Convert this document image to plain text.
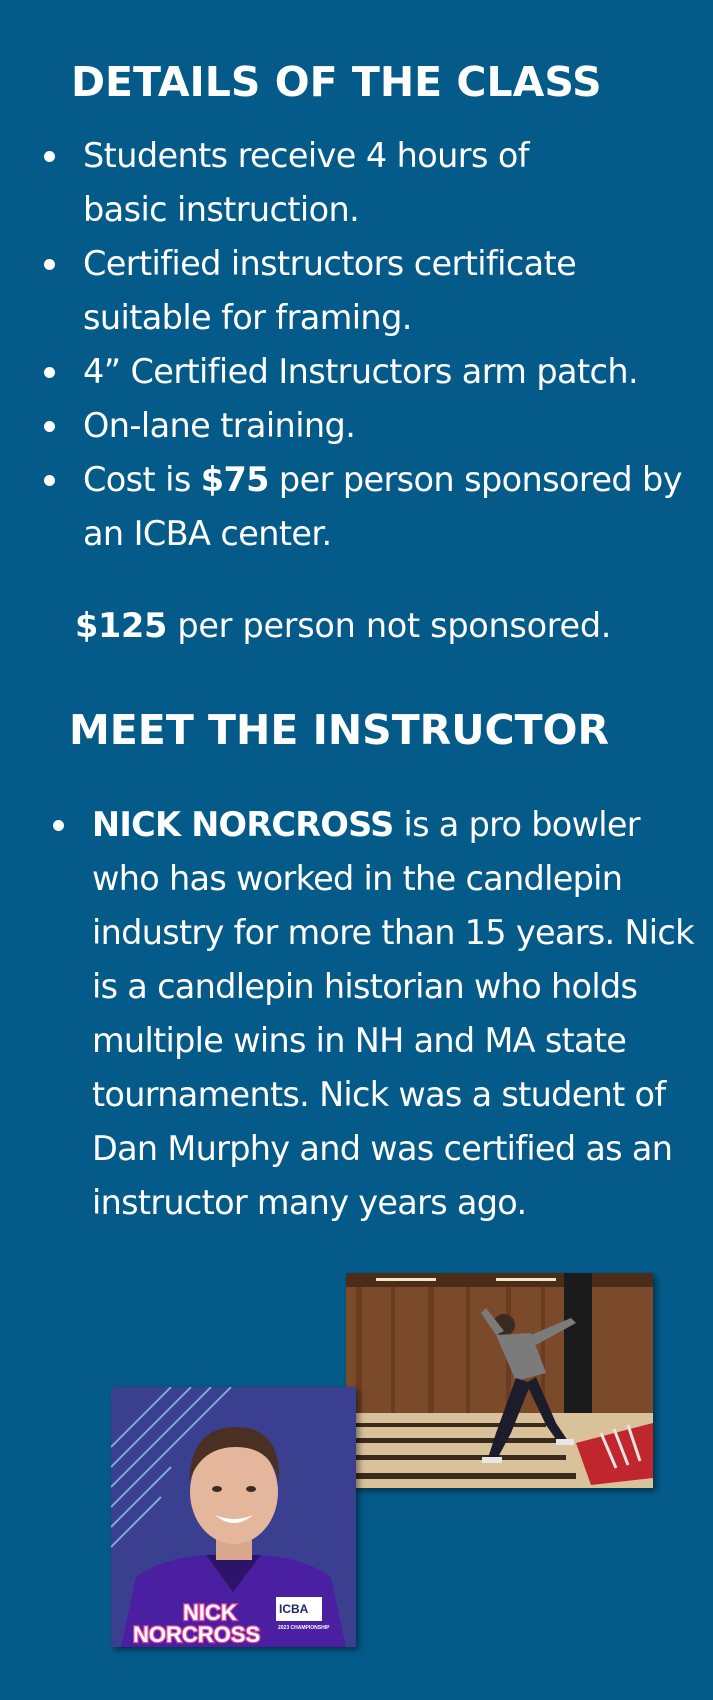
DETAILS OF THE CLASS
Students receive 4 hours of basic instruction.
Certified instructors certificate suitable for framing.
4” Certified Instructors arm patch.
On-lane training.
Cost is $75 per person sponsored by an ICBA center.
$125 per person not sponsored.
MEET THE INSTRUCTOR
NICK NORCROSS is a pro bowler who has worked in the candlepin industry for more than 15 years. Nick is a candlepin historian who holds multiple wins in NH and MA state tournaments. Nick was a student of Dan Murphy and was certified as an instructor many years ago.
ICBA
2023 CHAMPIONSHIP
NICK
NORCROSS
